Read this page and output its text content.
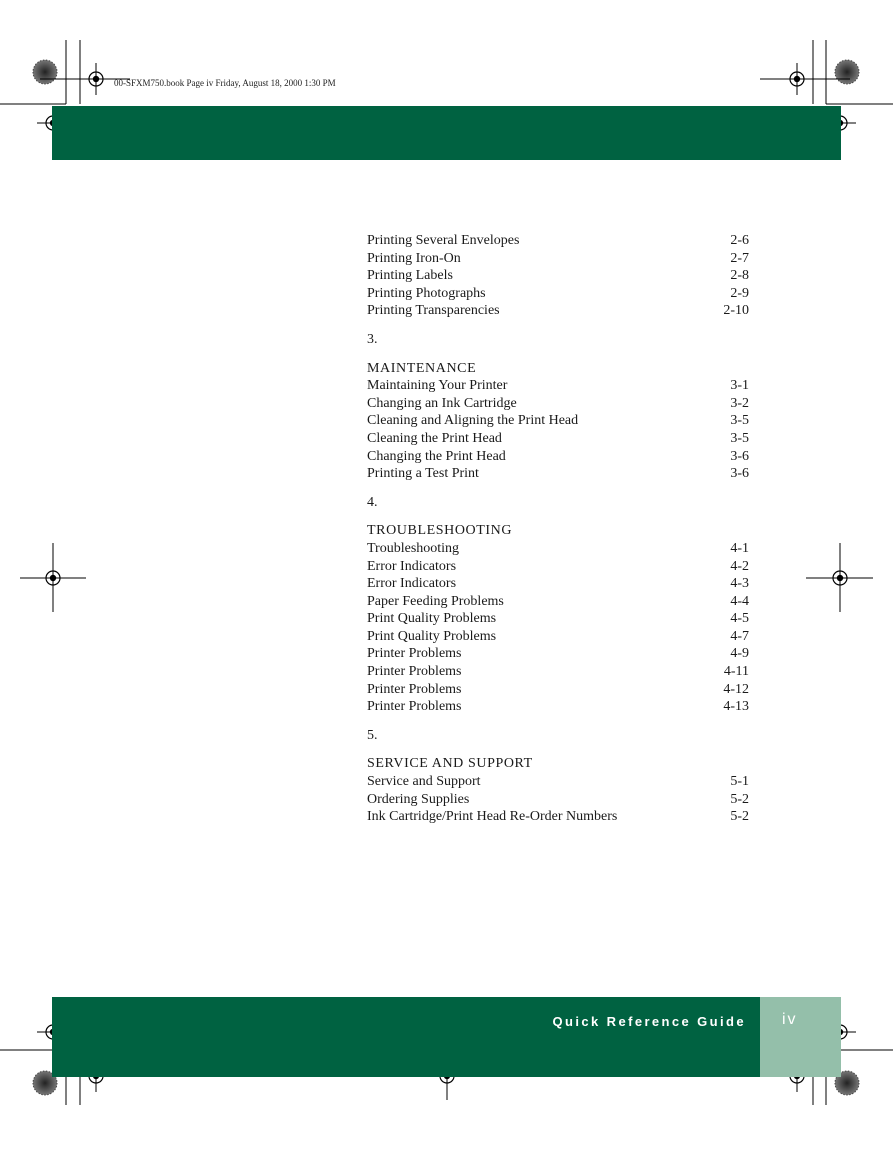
00-SFXM750.book Page iv Friday, August 18, 2000 1:30 PM
Printing Several Envelopes	2-6
Printing Iron-On	2-7
Printing Labels	2-8
Printing Photographs	2-9
Printing Transparencies	2-10
3.
MAINTENANCE
Maintaining Your Printer	3-1
Changing an Ink Cartridge	3-2
Cleaning and Aligning the Print Head	3-5
Cleaning the Print Head	3-5
Changing the Print Head	3-6
Printing a Test Print	3-6
4.
TROUBLESHOOTING
Troubleshooting	4-1
Error Indicators	4-2
Error Indicators	4-3
Paper Feeding Problems	4-4
Print Quality Problems	4-5
Print Quality Problems	4-7
Printer Problems	4-9
Printer Problems	4-11
Printer Problems	4-12
Printer Problems	4-13
5.
SERVICE AND SUPPORT
Service and Support	5-1
Ordering Supplies	5-2
Ink Cartridge/Print Head Re-Order Numbers	5-2
Quick Reference Guide iv
